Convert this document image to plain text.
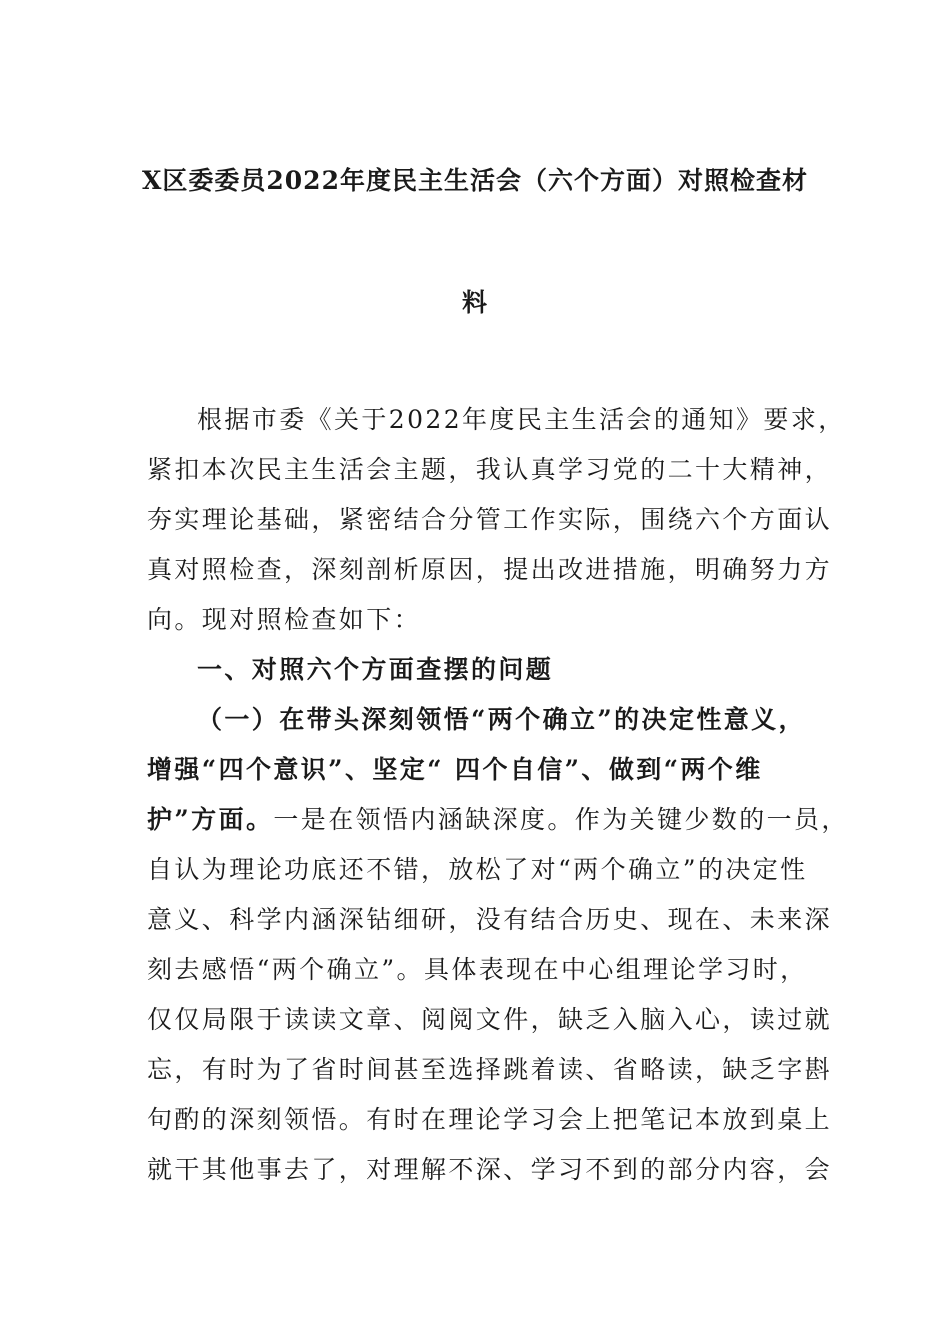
X区委委员2022年度民主生活会（六个方面）对照检查材
料
根据市委《关于2022年度民主生活会的通知》要求，
紧扣本次民主生活会主题，我认真学习党的二十大精神，
夯实理论基础，紧密结合分管工作实际，围绕六个方面认
真对照检查，深刻剖析原因，提出改进措施，明确努力方
向。现对照检查如下：
一、对照六个方面查摆的问题
（一）在带头深刻领悟“两个确立”的决定性意义，
增强“四个意识”、坚定“ 四个自信”、做到“两个维
护”方面。一是在领悟内涵缺深度。作为关键少数的一员，
自认为理论功底还不错，放松了对“两个确立”的决定性
意义、科学内涵深钻细研，没有结合历史、现在、未来深
刻去感悟“两个确立”。具体表现在中心组理论学习时，
仅仅局限于读读文章、阅阅文件，缺乏入脑入心，读过就
忘，有时为了省时间甚至选择跳着读、省略读，缺乏字斟
句酌的深刻领悟。有时在理论学习会上把笔记本放到桌上
就干其他事去了，对理解不深、学习不到的部分内容，会
